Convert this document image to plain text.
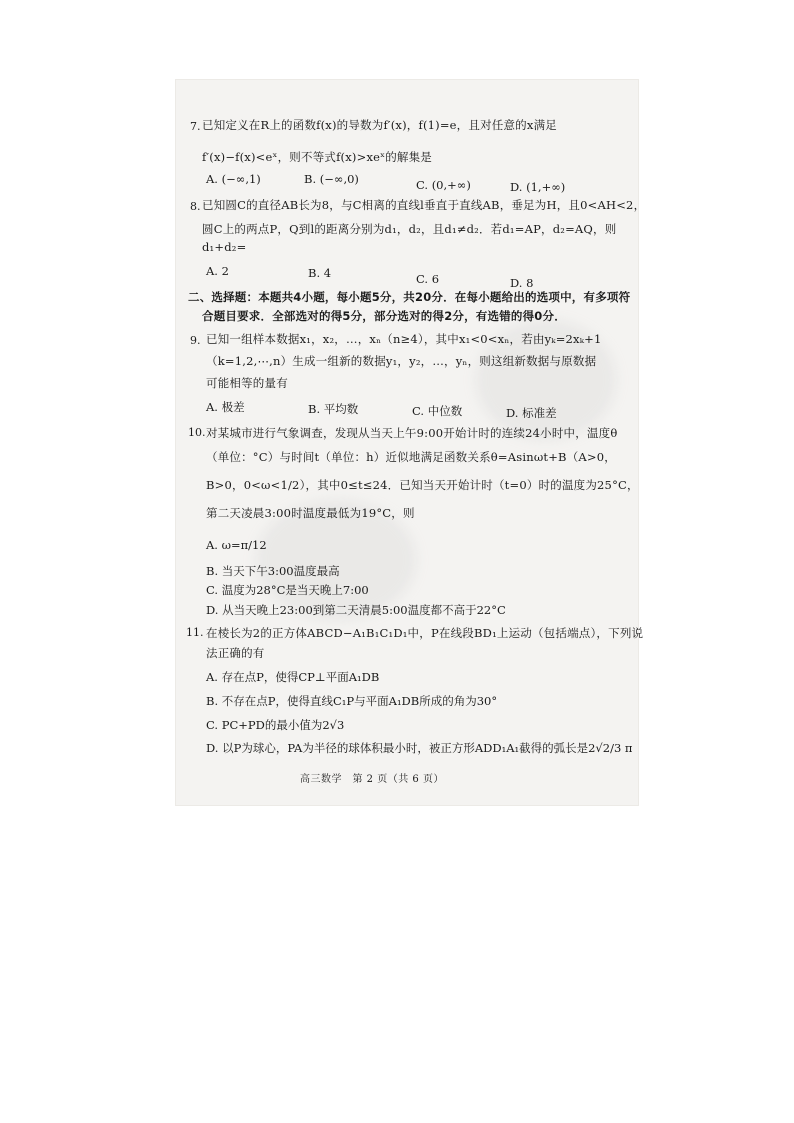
7. 已知定义在R上的函数f(x)的导数为f′(x)，f(1)=e，且对任意的x满足
f′(x)−f(x)<eˣ，则不等式f(x)>xeˣ的解集是
A. (−∞,1)	B. (−∞,0)	C. (0,+∞)	D. (1,+∞)
8. 已知圆C的直径AB长为8，与C相离的直线l垂直于直线AB，垂足为H，且0<AH<2，
圆C上的两点P，Q到l的距离分别为d₁，d₂，且d₁≠d₂．若d₁=AP，d₂=AQ，则
d₁+d₂=
A. 2	B. 4	C. 6	D. 8
二、选择题：本题共4小题，每小题5分，共20分．在每小题给出的选项中，有多项符
合题目要求．全部选对的得5分，部分选对的得2分，有选错的得0分．
9. 已知一组样本数据x₁，x₂，…，xₙ（n≥4），其中x₁<0<xₙ，若由yₖ=2xₖ+1
（k=1,2,⋯,n）生成一组新的数据y₁，y₂，…，yₙ，则这组新数据与原数据
可能相等的量有
A. 极差	B. 平均数	C. 中位数	D. 标准差
10. 对某城市进行气象调查，发现从当天上午9:00开始计时的连续24小时中，温度θ
（单位：°C）与时间t（单位：h）近似地满足函数关系θ=Asinωt+B（A>0，
B>0，0<ω<1/2），其中0≤t≤24．已知当天开始计时（t=0）时的温度为25°C，
第二天凌晨3:00时温度最低为19°C，则
A. ω=π/12
B. 当天下午3:00温度最高
C. 温度为28°C是当天晚上7:00
D. 从当天晚上23:00到第二天清晨5:00温度都不高于22°C
11. 在棱长为2的正方体ABCD−A₁B₁C₁D₁中，P在线段BD₁上运动（包括端点），下列说
法正确的有
A. 存在点P，使得CP⊥平面A₁DB
B. 不存在点P，使得直线C₁P与平面A₁DB所成的角为30°
C. PC+PD的最小值为2√3
D. 以P为球心，PA为半径的球体积最小时，被正方形ADD₁A₁截得的弧长是2√2/3 π
高三数学　第 2 页（共 6 页）
